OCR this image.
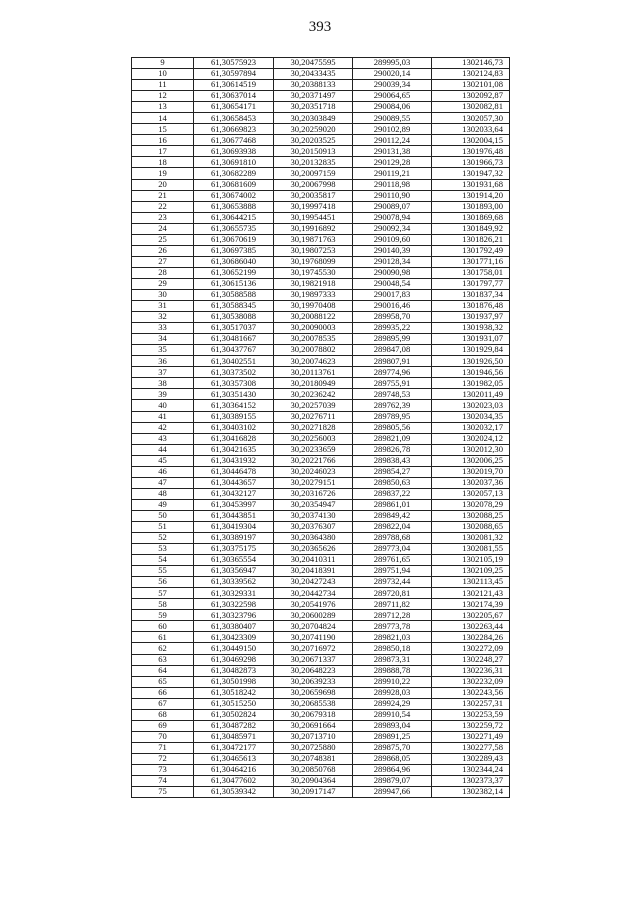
393
9	61,30575923	30,20475595	289995,03	1302146,73
10	61,30597894	30,20433435	290020,14	1302124,83
11	61,30614519	30,20388133	290039,34	1302101,08
12	61,30637014	30,20371497	290064,65	1302092,87
13	61,30654171	30,20351718	290084,06	1302082,81
14	61,30658453	30,20303849	290089,55	1302057,30
15	61,30669823	30,20259020	290102,89	1302033,64
16	61,30677468	30,20203525	290112,24	1302004,15
17	61,30693938	30,20150913	290131,38	1301976,48
18	61,30691810	30,20132835	290129,28	1301966,73
19	61,30682289	30,20097159	290119,21	1301947,32
20	61,30681609	30,20067998	290118,98	1301931,68
21	61,30674002	30,20035817	290110,90	1301914,20
22	61,30653888	30,19997418	290089,07	1301893,00
23	61,30644215	30,19954451	290078,94	1301869,68
24	61,30655735	30,19916892	290092,34	1301849,92
25	61,30670619	30,19871763	290109,60	1301826,21
26	61,30697385	30,19807253	290140,39	1301792,49
27	61,30686040	30,19768099	290128,34	1301771,16
28	61,30652199	30,19745530	290090,98	1301758,01
29	61,30615136	30,19821918	290048,54	1301797,77
30	61,30588588	30,19897333	290017,83	1301837,34
31	61,30588345	30,19970408	290016,46	1301876,48
32	61,30538088	30,20088122	289958,70	1301937,97
33	61,30517037	30,20090003	289935,22	1301938,32
34	61,30481667	30,20078535	289895,99	1301931,07
35	61,30437767	30,20078802	289847,08	1301929,84
36	61,30402551	30,20074623	289807,91	1301926,50
37	61,30373502	30,20113761	289774,96	1301946,56
38	61,30357308	30,20180949	289755,91	1301982,05
39	61,30351430	30,20236242	289748,53	1302011,49
40	61,30364152	30,20257039	289762,39	1302023,03
41	61,30389155	30,20276711	289789,95	1302034,35
42	61,30403102	30,20271828	289805,56	1302032,17
43	61,30416828	30,20256003	289821,09	1302024,12
44	61,30421635	30,20233659	289826,78	1302012,30
45	61,30431932	30,20221766	289838,43	1302006,25
46	61,30446478	30,20246023	289854,27	1302019,70
47	61,30443657	30,20279151	289850,63	1302037,36
48	61,30432127	30,20316726	289837,22	1302057,13
49	61,30453997	30,20354947	289861,01	1302078,29
50	61,30443851	30,20374130	289849,42	1302088,25
51	61,30419304	30,20376307	289822,04	1302088,65
52	61,30389197	30,20364380	289788,68	1302081,32
53	61,30375175	30,20365626	289773,04	1302081,55
54	61,30365554	30,20410311	289761,65	1302105,19
55	61,30356947	30,20418391	289751,94	1302109,25
56	61,30339562	30,20427243	289732,44	1302113,45
57	61,30329331	30,20442734	289720,81	1302121,43
58	61,30322598	30,20541976	289711,82	1302174,39
59	61,30323796	30,20600289	289712,28	1302205,67
60	61,30380407	30,20704824	289773,78	1302263,44
61	61,30423309	30,20741190	289821,03	1302284,26
62	61,30449150	30,20716972	289850,18	1302272,09
63	61,30469298	30,20671337	289873,31	1302248,27
64	61,30482873	30,20648223	289888,78	1302236,31
65	61,30501998	30,20639233	289910,22	1302232,09
66	61,30518242	30,20659698	289928,03	1302243,56
67	61,30515250	30,20685538	289924,29	1302257,31
68	61,30502824	30,20679318	289910,54	1302253,59
69	61,30487282	30,20691664	289893,04	1302259,72
70	61,30485971	30,20713710	289891,25	1302271,49
71	61,30472177	30,20725880	289875,70	1302277,58
72	61,30465613	30,20748381	289868,05	1302289,43
73	61,30464216	30,20850768	289864,96	1302344,24
74	61,30477602	30,20904364	289879,07	1302373,37
75	61,30539342	30,20917147	289947,66	1302382,14
